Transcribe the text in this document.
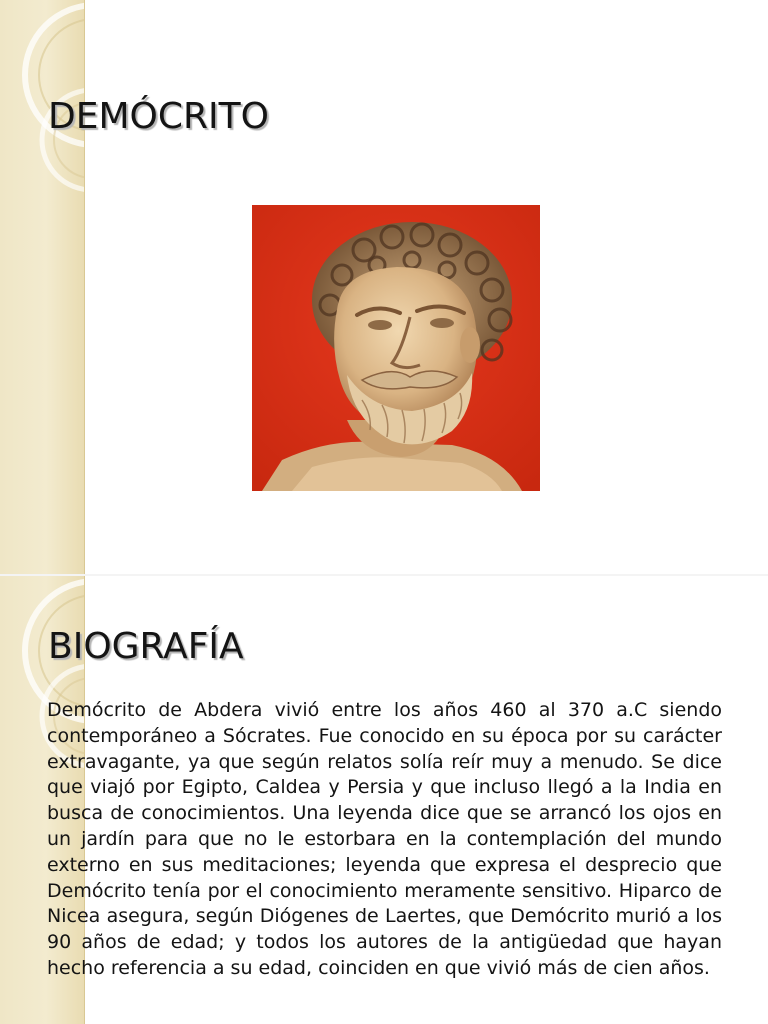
DEMÓCRITO
BIOGRAFÍA

Demócrito de Abdera vivió entre los años 460 al 370 a.C siendo contemporáneo a Sócrates. Fue conocido en su época por su carácter extravagante, ya que según relatos solía reír muy a menudo. Se dice que viajó por Egipto, Caldea y Persia y que incluso llegó a la India en busca de conocimientos. Una leyenda dice que se arrancó los ojos en un jardín para que no le estorbara en la contemplación del mundo externo en sus meditaciones; leyenda que expresa el desprecio que Demócrito tenía por el conocimiento meramente sensitivo. Hiparco de Nicea asegura, según Diógenes de Laertes, que Demócrito murió a los 90 años de edad; y todos los autores de la antigüedad que hayan hecho referencia a su edad, coinciden en que vivió más de cien años.
